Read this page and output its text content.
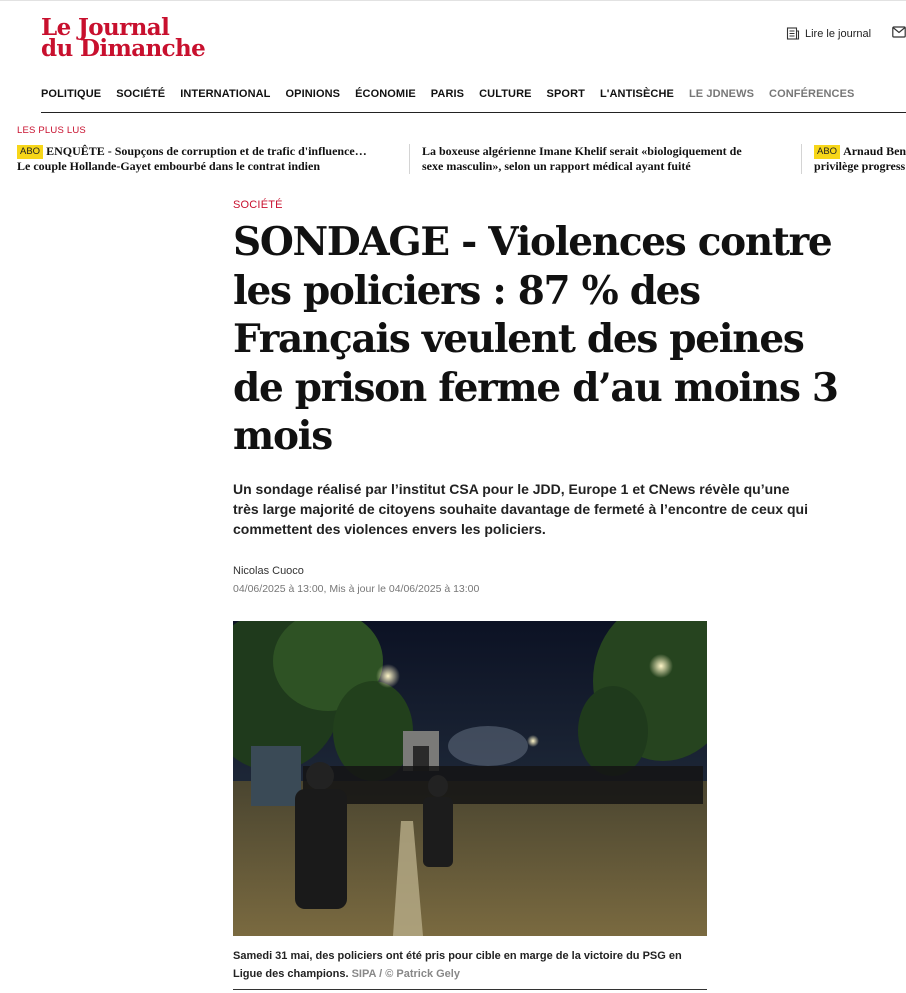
Le Journal
du Dimanche
Lire le journal
POLITIQUE SOCIÉTÉ INTERNATIONAL OPINIONS ÉCONOMIE PARIS CULTURE SPORT L'ANTISÈCHE LE JDNEWS CONFÉRENCES
LES PLUS LUS
ABO ENQUÊTE - Soupçons de corruption et de trafic d'influence…
Le couple Hollande-Gayet embourbé dans le contrat indien
La boxeuse algérienne Imane Khelif serait «biologiquement de
sexe masculin», selon un rapport médical ayant fuité
ABO Arnaud Ben
privilège progress
SOCIÉTÉ
SONDAGE - Violences contre les policiers : 87 % des Français veulent des peines de prison ferme d’au moins 3 mois

Un sondage réalisé par l’institut CSA pour le JDD, Europe 1 et CNews révèle qu’une très large majorité de citoyens souhaite davantage de fermeté à l’encontre de ceux qui commettent des violences envers les policiers.

Nicolas Cuoco
04/06/2025 à 13:00, Mis à jour le 04/06/2025 à 13:00

Samedi 31 mai, des policiers ont été pris pour cible en marge de la victoire du PSG en Ligue des champions. SIPA / © Patrick Gely
